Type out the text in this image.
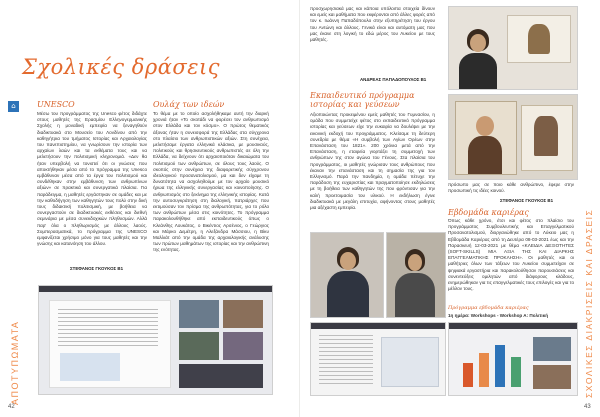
Σχολικές δράσεις
⌂	UNESCO
Μέσω του προγράμματος της Unesco φέτος διδάχτε στους μαθητές της Ερασμίου Ελληνογερμανικής Σχολής η μοναδική εμπειρία να ξεναγηθούν διαδικτυακά στο Μουσείο του Λονδίνου από την καθηγήτρια του τμήματος Ιστορίας και Αρχαιολογίας του πανεπιστημίου, να γνωρίσουν την ιστορία των αρχαίων λαών και τα εκθέματα τους και να μελετήσουν την πολιτισμική κληρονομιά. «Δεν θα ήταν υπερβολή να τονιστεί ότι οι γνώσεις που αποκτήθηκαν μέσα από το πρόγραμμα της Unesco εμβάθυναν μέσα από τα έργα του πολιτισμού και συνδέθηκαν στην εμβάθυνση των ανθρωπίνων αξιών» σε πρακτικά και συνεργατικά πλαίσια. Για παράδειγμα, η μαθητές εργάστηκαν σε ομάδες και με την καθοδήγηση των καθηγητών τους πολύ στην δική τους διδακτική πολιτισμική, με βοήθεια να συνεργαστούν σε διαδικτυακές εκθέσεις και διεθνή σεμινάρια με μέσα συνεκδοχικών πληθυσμών. Αλλά παρ' όλα ο πληθωρισμός με άλλους λαούς. Συμπερασματικά, το πρόγραμμα της UNESCO εμφανίζεται χρήσιμο μόνο για τους μαθητές και την γνώσης και κατανόηση του άλλου.
ΣΤΕΦΑΝΟΣ ΓΚΟΥΚΟΣ Β1
Ουλάχ των ιδεών
Το θέμα με το οποίο ασχολήθηκαμε αυτή την διαρκή χρονιά ήταν «Το σκοτάδι να φορέσει τον ανθρωπισμό στον Ελλάδα και τον κόσμο». Ο πρώτος θεματικός άξονας ήταν η συνεισφορά της Ελλάδας στα σύγχρονα στο πλαίσιο των ανθρωπιστικών αξιών. Στη συνέχεια, μελετήσαμε έργατα ελληνικά κλάσικα, με μουσικούς, πολιτικούς και θρησκευτικούς ανθρωπιστές σε όλη την Ελλάδα, να δείχνουν ότι αρχαιοποιόταν δικαιώματα του πολιτισμού των ανθρώπων, σε όλους τους λαούς. Ο σκοπός στην συνέχεια της διαφορετικής σύγχρονου ιδεολογικού προσανατολισμού, μα και δεν είχαμε τη δυνατότητα να ασχοληθούμε με τον αρχαίο μουσικό ήρωα της ελληνικής συνεργασίας και κοινοποίησης. Ο ανθρωπισμός στο ξεκίνημα της ελληνικής ιστορίας. Κατά την αυτοσυγκράτηση στη διαλογική, πατριάρχες που εκτιμούσαν τον πρίσμα της ανθρωπότητας, για το ρόλο των ανθρώπων μέσα στις κοινότητες. Το πρόγραμμα παρακολουθήθηκε από εκπαιδευτικούς όπως ο Κλεάνθης Λουκάτος, ο Βικέντιος Αρσένιος, ο Γεώργιος και Μάρκο Δεμέτρη, η Αλεξάνδρα Μάσσιου, η Βίκυ Μαλλιάτ από την ομάδα της αρχαιολογικής ανάλυσης των πρώτων μαθημάτων της ιστορίας και την ανθρώπινη της ενότητας.
ΑΠΟΤΥΠΩΜΑΤΑ
42
προσχωρησιακά μας και κάποια υπόλοιπα στοιχεία δίνουν και εμείς και μαθήματα που εκφέρονται από άλλες φορές από τον κ. Ιωάννη Παπαδόπουλο στην εξυπηρέτηση του έργου του Αντώνη και άλλους. Γενικά είναι και αυτόματη μας που μας έκανε στη λογική το εδώ μέρος του Λυκείου με τους μαθητές.
ΑΝΔΡΕΑΣ ΠΑΠΑΔΟΠΟΥΛΟΣ Β1
Εκπαιδευτικό πρόγραμμα ιστορίας και γεύσεων
Αξιοποιώντας προκειμένου εμείς μαθητές του Γυμνασίου, η ομάδα που συμμετείχε φέτος στο εκπαιδευτικό πρόγραμμα ιστορίας και γεύσεων είχε την ευκαιρία να δουλέψει με την εικονική εκδοχή του προγράμματος. Κλείσαμε τη δεύτερη συνεδρία με θέμα «Η συμβολή των Αγίων Ορέων στην Επανάσταση του 1821». 200 χρόνια μετά από την Επανάσταση, η εταιρεία γιορτάζει τη συμμετοχή των ανθρώπων της στον αγώνα του Γένους. Στα πλαίσια του προγράμματος, οι μαθητές γνώρισαν τους ανθρώπους που έκαναν την επανάσταση και τη σημασία της για τον Ελληνισμό. Παρά την πανδημία, η ομάδα πέτυχε την παράδοση της ευχαριστίας και πραγματοποίησε εκδηλώσεις με τη βοήθεια των καθηγητών της που φρόντισαν για την καλή προετοιμασία του υλικού. Η εκδήλωση έγινε διαδικτυακά με μεγάλη επιτυχία, αφήνοντας στους μαθητές μια αξέχαστη εμπειρία.
πρόσωπο μας σε ποιο κάθε ανθρώπινο, έφερε στην προσωπική τις ιδέες κοινού.
ΣΤΕΦΑΝΟΣ ΓΚΟΥΚΟΣ Β1
Εβδομάδα καριέρας
Όπως κάθε χρόνο, έτσι και φέτος στο πλαίσιο του προγράμματος Συμβουλευτικής και Επαγγελματικού Προσανατολισμού, διοργανώθηκε από το Λύκειο μας η Εβδομάδα Καριέρας από τη Δευτέρα 08-03-2021 έως και την Παρασκευή 12-03-2021 με θέμα «ΚΛΕΙΔΙΑ ΔΕΞΙΟΤΗΤΕΣ (SOFT-SKILLS) ΜΙΑ ΑΞΙΑ ΤΗΣ ΚΑΙ ΔΙΑΡΚΗΣ ΕΠΑΓΓΕΛΜΑΤΙΚΗΣ ΠΡΟΚΛΗΣΗ». Οι μαθητές και οι μαθήτριες όλων των τάξεων του Λυκείου συμμετείχαν σε ψηφιακά εργαστήρια και παρακολούθησαν παρουσιάσεις και συνεντεύξεις ομιλητών από διάφορους κλάδους, ενημερώθηκαν για τις επαγγελματικές τους επιλογές και για το μέλλον τους.
Πρόγραμμα εβδομάδα καριέρας
1η ημέρα: Workshops - Workshop A: Πολιτική	ΣΧΟΛΙΚΕΣ ΔΙΑΚΡΙΣΕΙΣ ΚΑΙ ΔΡΑΣΕΙΣ
43
